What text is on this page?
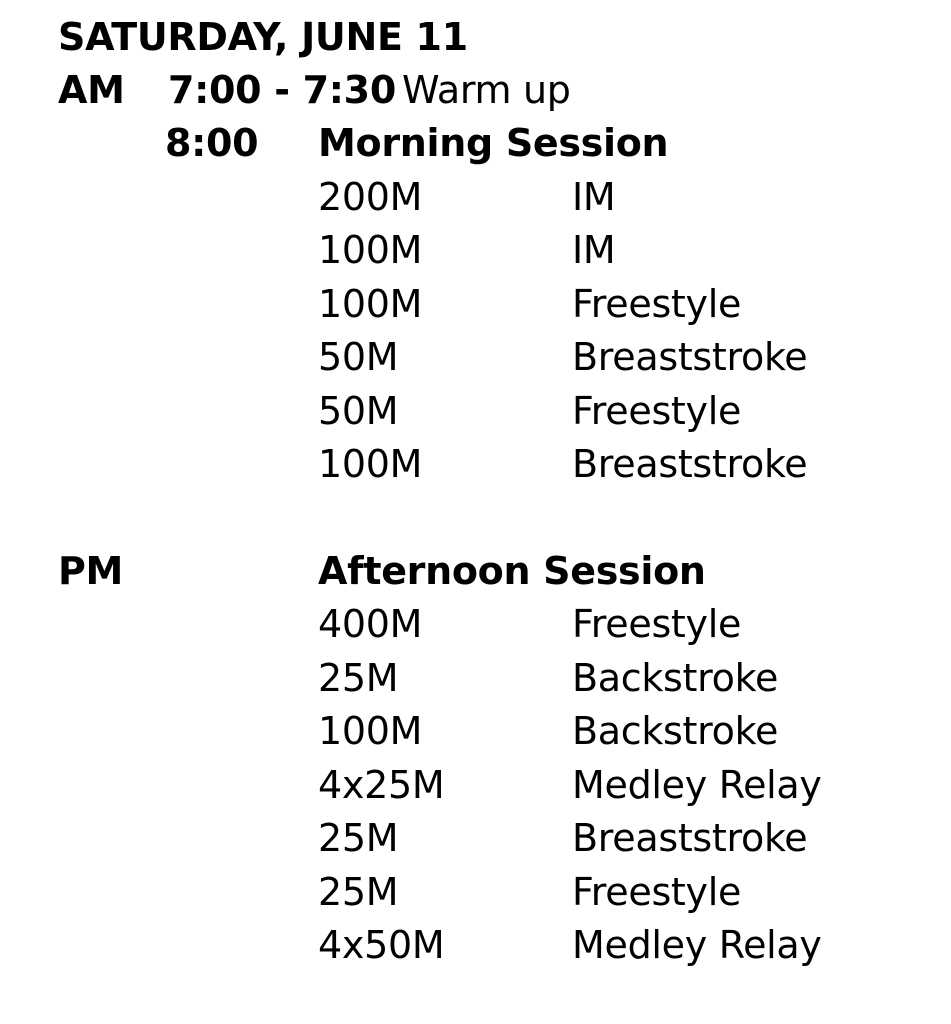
SATURDAY, JUNE 11
AM 7:00 - 7:30 Warm up
8:00 Morning Session
200M	IM
100M	IM
100M	Freestyle
50M	Breaststroke
50M	Freestyle
100M	Breaststroke
PM	Afternoon Session
400M	Freestyle
25M	Backstroke
100M	Backstroke
4x25M	Medley Relay
25M	Breaststroke
25M	Freestyle
4x50M	Medley Relay
